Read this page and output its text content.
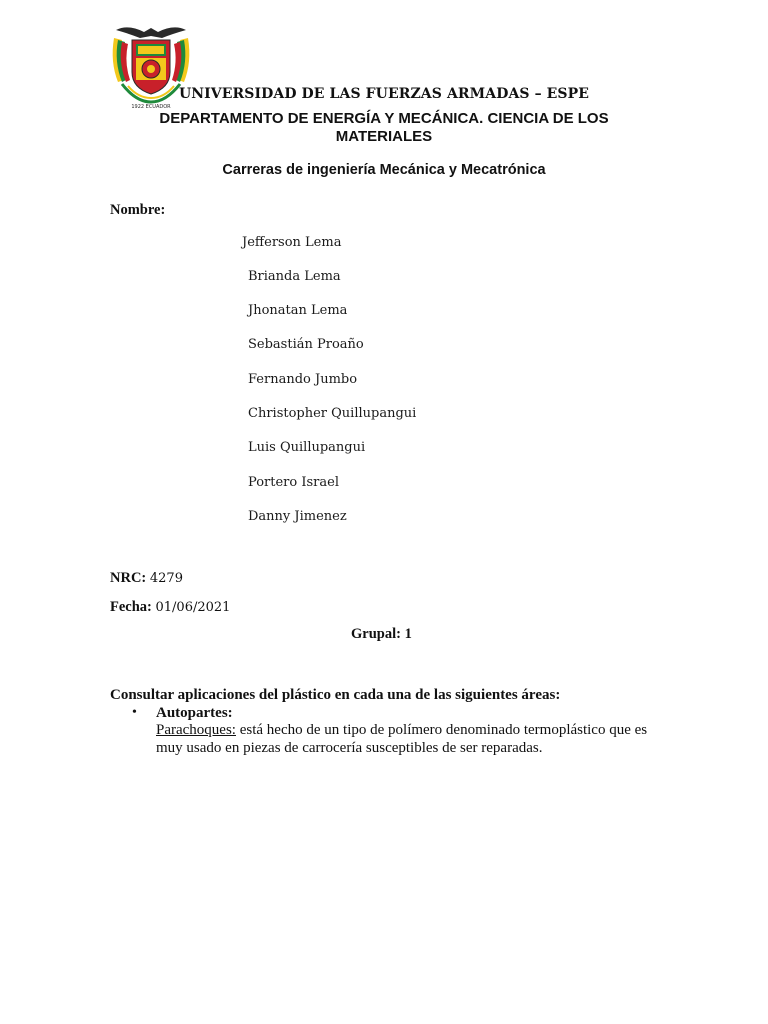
1922 ECUADOR
UNIVERSIDAD DE LAS FUERZAS ARMADAS – ESPE
DEPARTAMENTO DE ENERGÍA Y MECÁNICA. CIENCIA DE LOS MATERIALES
Carreras de ingeniería Mecánica y Mecatrónica
Nombre:
Jefferson Lema
Brianda Lema
Jhonatan Lema
Sebastián Proaño
Fernando Jumbo
Christopher Quillupangui
Luis Quillupangui
Portero Israel
Danny Jimenez
NRC: 4279
Fecha: 01/06/2021
Grupal: 1
Consultar aplicaciones del plástico en cada una de las siguientes áreas:
• Autopartes:
Parachoques: está hecho de un tipo de polímero denominado termoplástico que es muy usado en piezas de carrocería susceptibles de ser reparadas.
